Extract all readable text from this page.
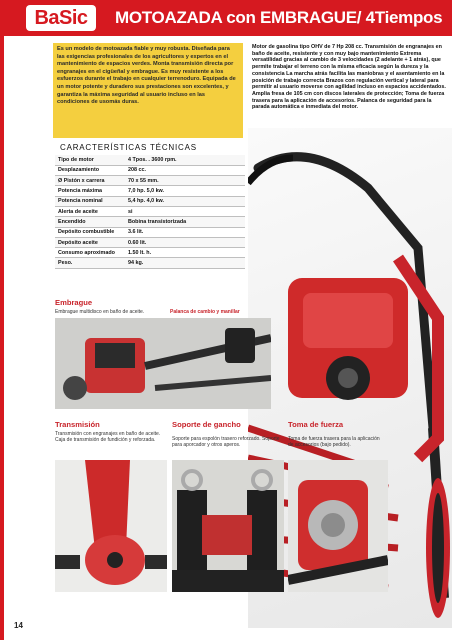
BaSic	MOTOAZADA con EMBRAGUE/ 4Tiempos
Es un modelo de motoazada fiable y muy robusta. Diseñada para las exigencias profesionales de los agricultores y expertos en el mantenimiento de espacios verdes. Monta transmisión directa por engranajes en el cigüeñal y embrague. Es muy resistente a los esfuerzos durante el trabajo en cualquier terrenoduro. Equipada de un motor potente y duradero sus prestaciones son excelentes, y garantiza la máxima seguridad al usuario incluso en las condiciones de usomás duras.
CARACTERÍSTICAS TÉCNICAS
Tipo de motor	4 Tpos. . 3600 rpm.
Desplazamiento	208 cc.
Ø Pistón x carrera	70 x 55 mm.
Potencia máxima	7,0 hp. 5,0 kw.
Potencia nominal	5,4 hp. 4,0 kw.
Alerta de aceite	si
Encendido	Bobina transistorizada
Depósito combustible	3.6 lit.
Depósito aceite	0.60 lit.
Consumo aproximado	1.50 lt. h.
Peso.	94 kg.
Motor de gasolina tipo OHV de 7 Hp 208 cc. Transmisión de engranajes en baño de aceite, resistente y con muy bajo mantenimiento Extrema versatilidad gracias al cambio de 3 velocidades (2 adelante + 1 atrás), que permite trabajar el terreno con la misma eficacia según la dureza y la consistencia La marcha atrás facilita las maniobras y el asentamiento en la posición de trabajo correcta Brazos con regulación vertical y lateral para permitir al usuario moverse con agilidad incluso en espacios accidentados. Amplia fresa de 105 cm con discos laterales de protección; Toma de fuerza trasera para la aplicación de accesorios. Palanca de seguridad para la parada automática e inmediata del motor.
Embrague
Embrague multidisco en baño de aceite.	Palanca de cambio y manillar
Transmisión
Transmisión con engranajes en baño de aceite. Caja de transmisión de fundición y reforzada.
Soporte de gancho
Soporte para espolón trasero reforzado. Soporte para aporcador y otros aperos.
Toma de fuerza
Toma de fuerza trasera para la aplicación de accesorios (bajo pedido).
14
